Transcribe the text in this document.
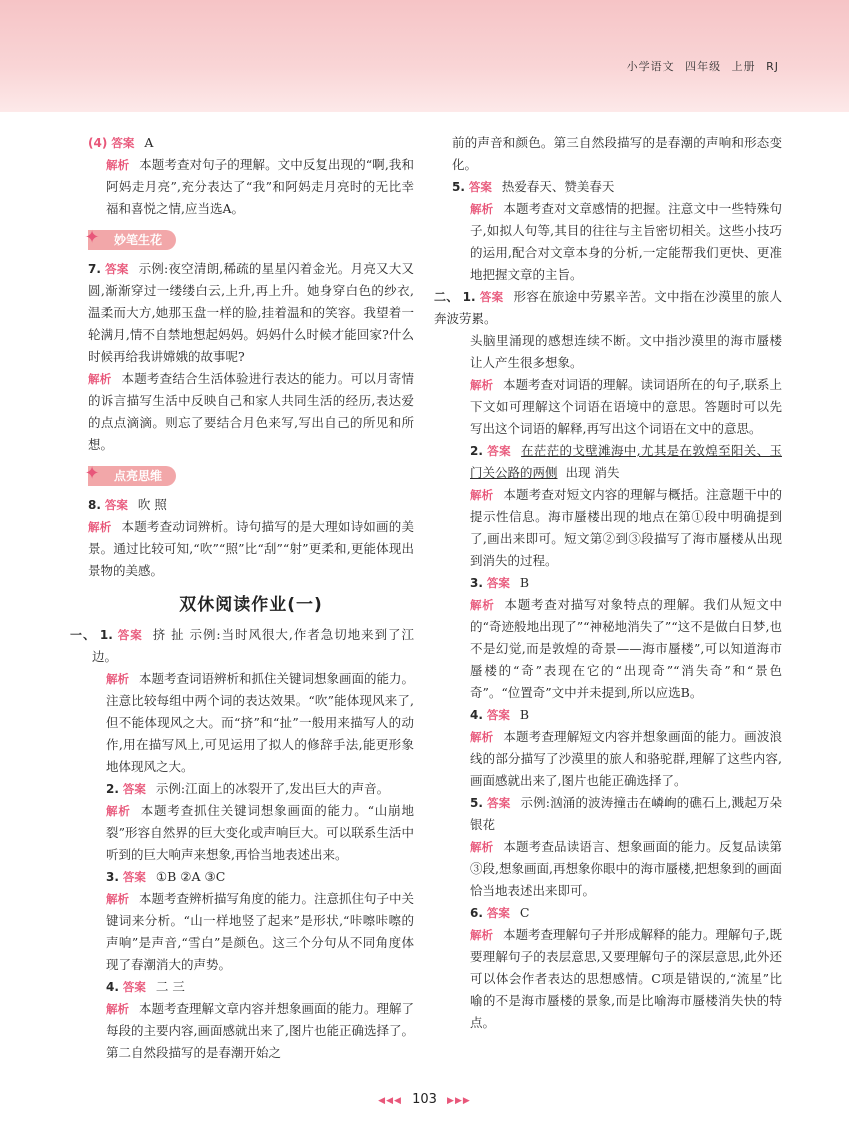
小学语文 四年级 上册 RJ

(4) 答案 A

解析 本题考查对句子的理解。文中反复出现的“啊,我和阿妈走月亮”,充分表达了“我”和阿妈走月亮时的无比幸福和喜悦之情,应当选A。

✦	妙笔生花

7. 答案 示例:夜空清朗,稀疏的星星闪着金光。月亮又大又圆,渐渐穿过一缕缕白云,上升,再上升。她身穿白色的纱衣,温柔而大方,她那玉盘一样的脸,挂着温和的笑容。我望着一轮满月,情不自禁地想起妈妈。妈妈什么时候才能回家?什么时候再给我讲嫦娥的故事呢?

解析 本题考查结合生活体验进行表达的能力。可以月寄情的诉言描写生活中反映自己和家人共同生活的经历,表达爱的点点滴滴。则忘了要结合月色来写,写出自己的所见和所想。

✦	点亮思维

8. 答案 吹 照

解析 本题考查动词辨析。诗句描写的是大理如诗如画的美景。通过比较可知,“吹”“照”比“刮”“射”更柔和,更能体现出景物的美感。

双休阅读作业(一)

一、 1. 答案 挤 扯 示例:当时风很大,作者急切地来到了江边。

解析 本题考查词语辨析和抓住关键词想象画面的能力。注意比较每组中两个词的表达效果。“吹”能体现风来了,但不能体现风之大。而“挤”和“扯”一般用来描写人的动作,用在描写风上,可见运用了拟人的修辞手法,能更形象地体现风之大。

2. 答案 示例:江面上的冰裂开了,发出巨大的声音。

解析 本题考查抓住关键词想象画面的能力。“山崩地裂”形容自然界的巨大变化或声响巨大。可以联系生活中听到的巨大响声来想象,再恰当地表述出来。

3. 答案 ①B ②A ③C

解析 本题考查辨析描写角度的能力。注意抓住句子中关键词来分析。“山一样地竖了起来”是形状,“咔嚓咔嚓的声响”是声音,“雪白”是颜色。这三个分句从不同角度体现了春潮消大的声势。

4. 答案 二 三

解析 本题考查理解文章内容并想象画面的能力。理解了每段的主要内容,画面感就出来了,图片也能正确选择了。第二自然段描写的是春潮开始之

前的声音和颜色。第三自然段描写的是春潮的声响和形态变化。

5. 答案 热爱春天、赞美春天

解析 本题考查对文章感情的把握。注意文中一些特殊句子,如拟人句等,其目的往往与主旨密切相关。这些小技巧的运用,配合对文章本身的分析,一定能帮我们更快、更准地把握文章的主旨。

二、 1. 答案 形容在旅途中劳累辛苦。文中指在沙漠里的旅人奔波劳累。

头脑里涌现的感想连续不断。文中指沙漠里的海市蜃楼让人产生很多想象。

解析 本题考查对词语的理解。读词语所在的句子,联系上下文如可理解这个词语在语境中的意思。答题时可以先写出这个词语的解释,再写出这个词语在文中的意思。

2. 答案 在茫茫的戈壁滩海中,尤其是在敦煌至阳关、玉门关公路的两侧 出现 消失

解析 本题考查对短文内容的理解与概括。注意题干中的提示性信息。海市蜃楼出现的地点在第①段中明确提到了,画出来即可。短文第②到③段描写了海市蜃楼从出现到消失的过程。

3. 答案 B

解析 本题考查对描写对象特点的理解。我们从短文中的“奇迹般地出现了”“神秘地消失了”“这不是做白日梦,也不是幻觉,而是敦煌的奇景——海市蜃楼”,可以知道海市蜃楼的“奇”表现在它的“出现奇”“消失奇”和“景色奇”。“位置奇”文中并未提到,所以应选B。

4. 答案 B

解析 本题考查理解短文内容并想象画面的能力。画波浪线的部分描写了沙漠里的旅人和骆驼群,理解了这些内容,画面感就出来了,图片也能正确选择了。

5. 答案 示例:汹涌的波涛撞击在嶙峋的礁石上,溅起万朵银花

解析 本题考查品读语言、想象画面的能力。反复品读第③段,想象画面,再想象你眼中的海市蜃楼,把想象到的画面恰当地表述出来即可。

6. 答案 C

解析 本题考查理解句子并形成解释的能力。理解句子,既要理解句子的表层意思,又要理解句子的深层意思,此外还可以体会作者表达的思想感情。C项是错误的,“流星”比喻的不是海市蜃楼的景象,而是比喻海市蜃楼消失快的特点。

◀◀◀ 103 ▶▶▶
